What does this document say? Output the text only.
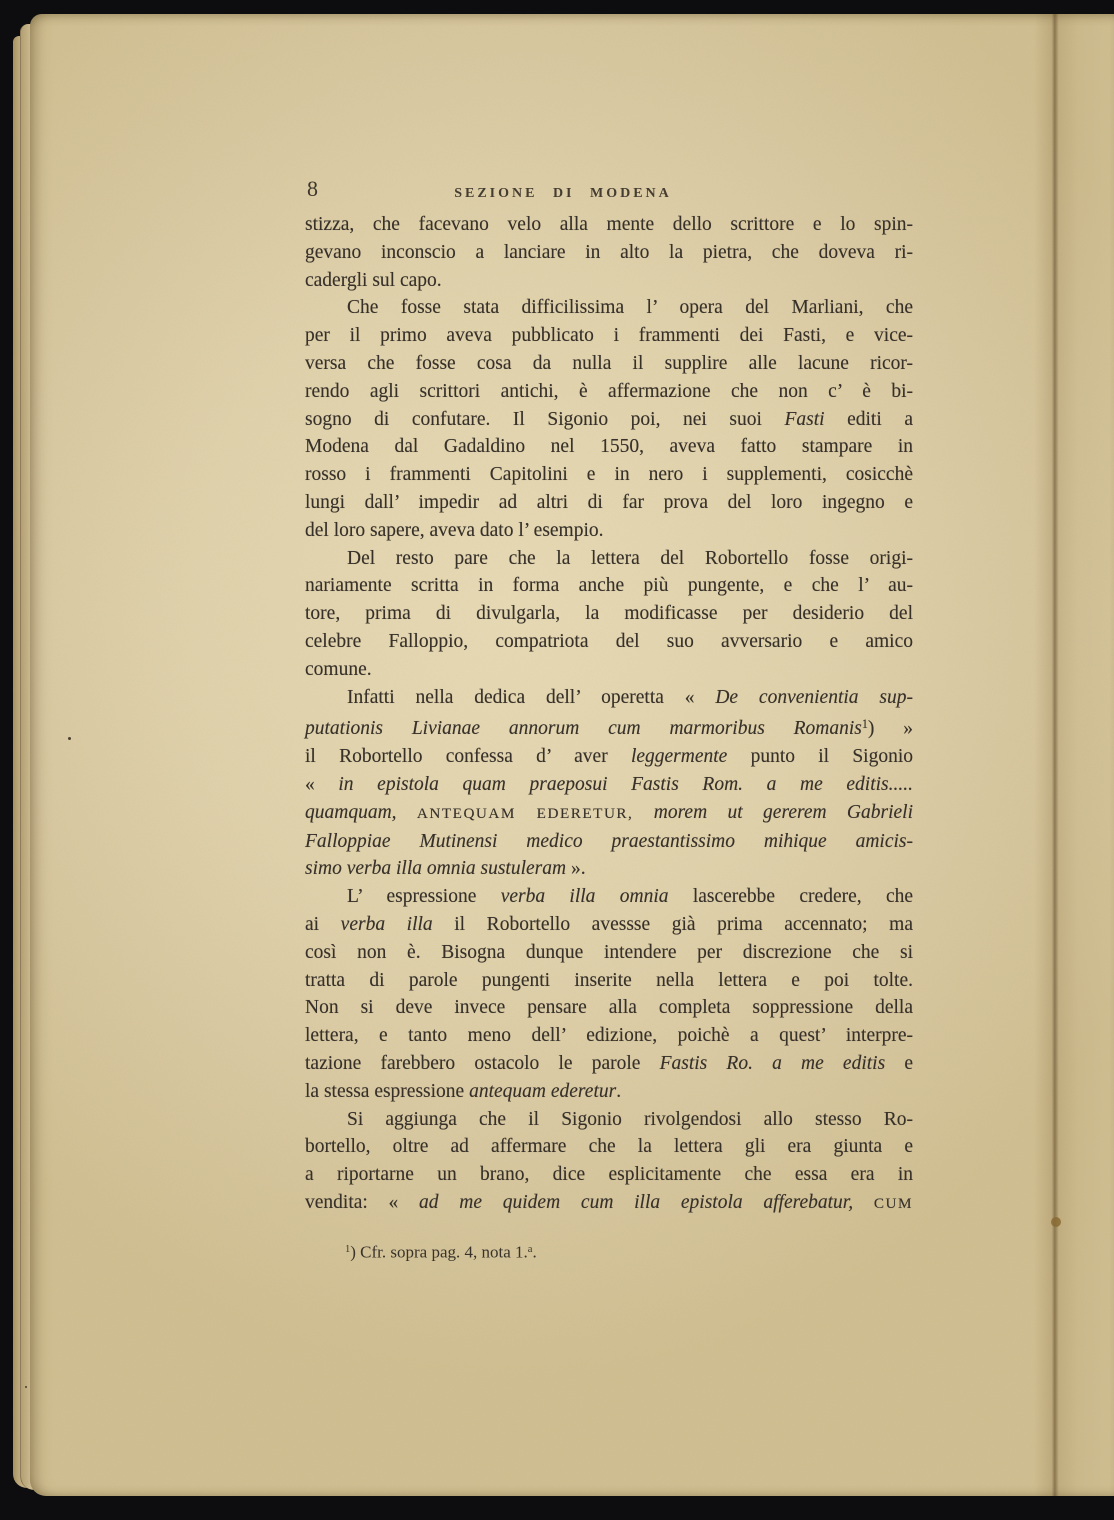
8	SEZIONE DI MODENA
stizza, che facevano velo alla mente dello scrittore e lo spin-
gevano inconscio a lanciare in alto la pietra, che doveva ri-
cadergli sul capo.
Che fosse stata difficilissima l’ opera del Marliani, che
per il primo aveva pubblicato i frammenti dei Fasti, e vice-
versa che fosse cosa da nulla il supplire alle lacune ricor-
rendo agli scrittori antichi, è affermazione che non c’ è bi-
sogno di confutare. Il Sigonio poi, nei suoi Fasti editi a
Modena dal Gadaldino nel 1550, aveva fatto stampare in
rosso i frammenti Capitolini e in nero i supplementi, cosicchè
lungi dall’ impedir ad altri di far prova del loro ingegno e
del loro sapere, aveva dato l’ esempio.
Del resto pare che la lettera del Robortello fosse origi-
nariamente scritta in forma anche più pungente, e che l’ au-
tore, prima di divulgarla, la modificasse per desiderio del
celebre Falloppio, compatriota del suo avversario e amico
comune.
Infatti nella dedica dell’ operetta « De convenientia sup-
putationis Livianae annorum cum marmoribus Romanis$^1$) »
il Robortello confessa d’ aver leggermente punto il Sigonio
« in epistola quam praeposui Fastis Rom. a me editis.....
quamquam, ANTEQUAM EDERETUR, morem ut gererem Gabrieli
Falloppiae Mutinensi medico praestantissimo mihique amicis-
simo verba illa omnia sustuleram ».
L’ espressione verba illa omnia lascerebbe credere, che
ai verba illa il Robortello avessse già prima accennato; ma
così non è. Bisogna dunque intendere per discrezione che si
tratta di parole pungenti inserite nella lettera e poi tolte.
Non si deve invece pensare alla completa soppressione della
lettera, e tanto meno dell’ edizione, poichè a quest’ interpre-
tazione farebbero ostacolo le parole Fastis Ro. a me editis e
la stessa espressione antequam ederetur.
Si aggiunga che il Sigonio rivolgendosi allo stesso Ro-
bortello, oltre ad affermare che la lettera gli era giunta e
a riportarne un brano, dice esplicitamente che essa era in
vendita: « ad me quidem cum illa epistola afferebatur, CUM
$^1$) Cfr. sopra pag. 4, nota 1.$^a$.
